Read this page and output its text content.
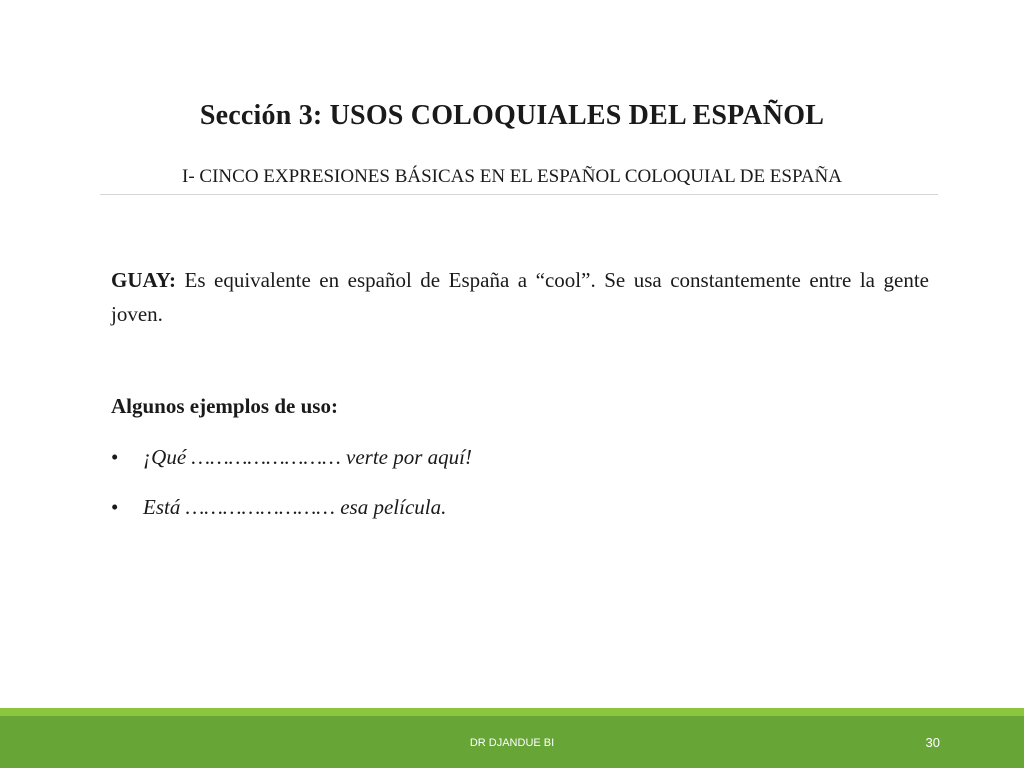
Sección 3: USOS COLOQUIALES DEL ESPAÑOL
I- CINCO EXPRESIONES BÁSICAS EN EL ESPAÑOL COLOQUIAL DE ESPAÑA

GUAY: Es equivalente en español de España a “cool”. Se usa constantemente entre la gente joven.

Algunos ejemplos de uso:
• ¡Qué …………………… verte por aquí!
• Está …………………… esa película.
DR DJANDUE BI	30
